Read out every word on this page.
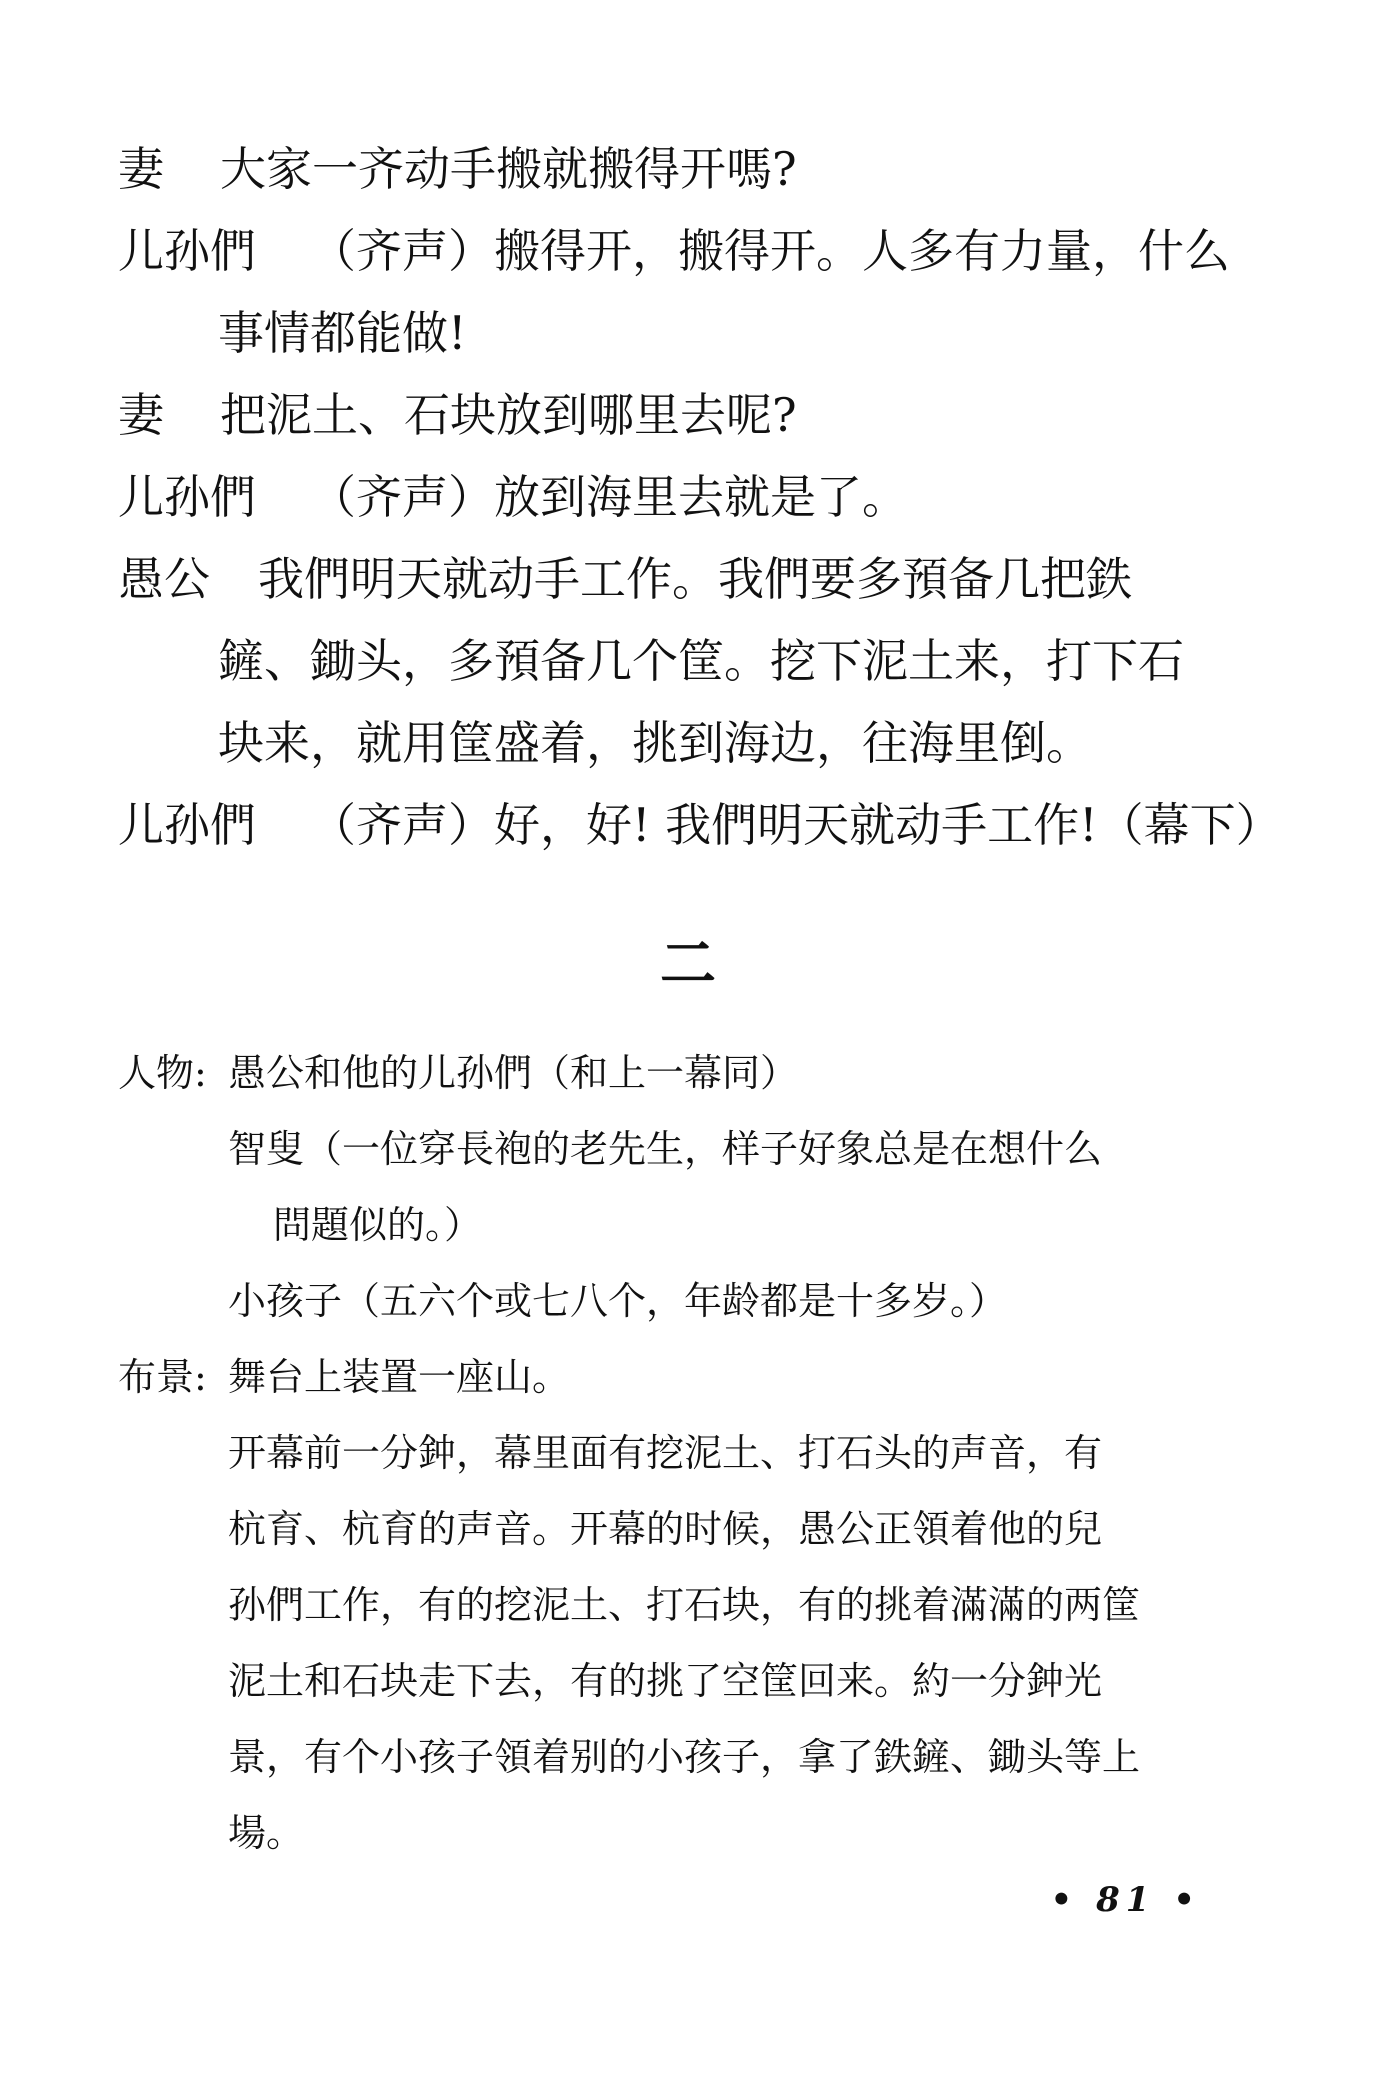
妻 大家一齐动手搬就搬得开嗎?
儿孙們 （齐声）搬得开，搬得开。人多有力量，什么
事情都能做!
妻 把泥土、石块放到哪里去呢?
儿孙們 （齐声）放到海里去就是了。
愚公 我們明天就动手工作。我們要多預备几把鉄
鏟、鋤头，多預备几个筐。挖下泥土来，打下石
块来，就用筐盛着，挑到海边，往海里倒。
儿孙們 （齐声）好，好! 我們明天就动手工作!（幕下）
二
人物: 愚公和他的儿孙們（和上一幕同）
智叟（一位穿長袍的老先生，样子好象总是在想什么
問題似的。）
小孩子（五六个或七八个，年龄都是十多岁。）
布景: 舞台上装置一座山。
开幕前一分鈡，幕里面有挖泥土、打石头的声音，有
杭育、杭育的声音。开幕的时候，愚公正領着他的兒
孙們工作，有的挖泥土、打石块，有的挑着滿滿的两筐
泥土和石块走下去，有的挑了空筐回来。約一分鈡光
景，有个小孩子領着别的小孩子，拿了鉄鏟、鋤头等上
場。
• 81 •
